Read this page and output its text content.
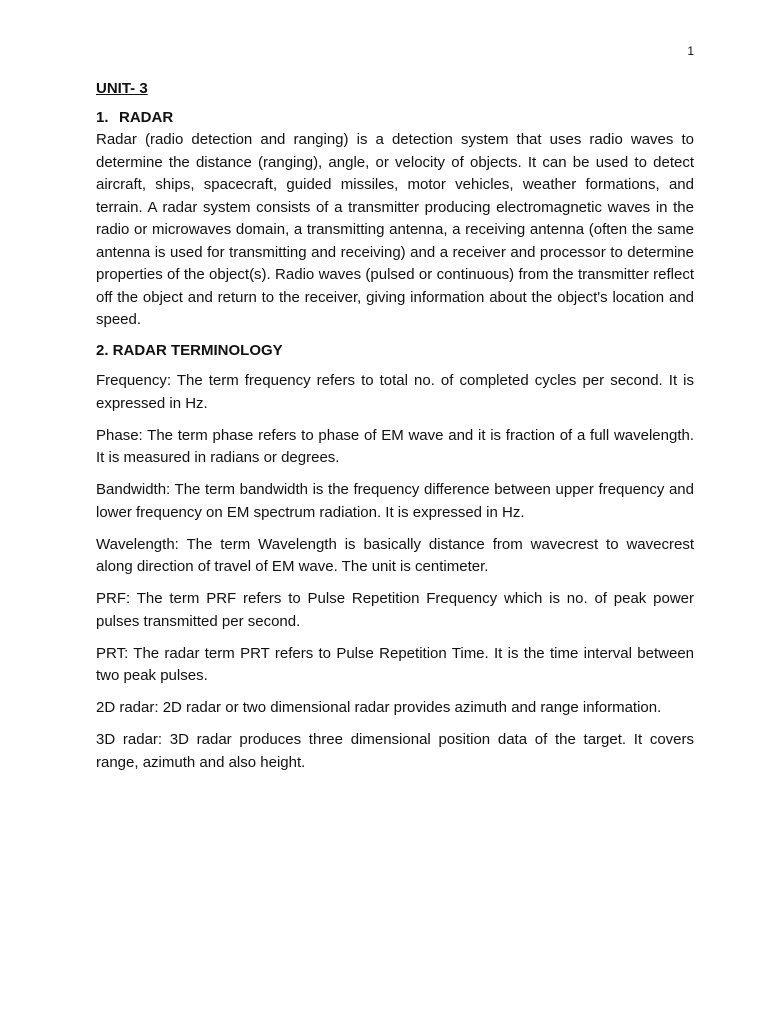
1

UNIT- 3

1. RADAR

Radar (radio detection and ranging) is a detection system that uses radio waves to determine the distance (ranging), angle, or velocity of objects. It can be used to detect aircraft, ships, spacecraft, guided missiles, motor vehicles, weather formations, and terrain. A radar system consists of a transmitter producing electromagnetic waves in the radio or microwaves domain, a transmitting antenna, a receiving antenna (often the same antenna is used for transmitting and receiving) and a receiver and processor to determine properties of the object(s). Radio waves (pulsed or continuous) from the transmitter reflect off the object and return to the receiver, giving information about the object's location and speed.

2. RADAR TERMINOLOGY

Frequency: The term frequency refers to total no. of completed cycles per second. It is expressed in Hz.

Phase: The term phase refers to phase of EM wave and it is fraction of a full wavelength. It is measured in radians or degrees.

Bandwidth: The term bandwidth is the frequency difference between upper frequency and lower frequency on EM spectrum radiation. It is expressed in Hz.

Wavelength: The term Wavelength is basically distance from wavecrest to wavecrest along direction of travel of EM wave. The unit is centimeter.

PRF: The term PRF refers to Pulse Repetition Frequency which is no. of peak power pulses transmitted per second.

PRT: The radar term PRT refers to Pulse Repetition Time. It is the time interval between two peak pulses.

2D radar: 2D radar or two dimensional radar provides azimuth and range information.

3D radar: 3D radar produces three dimensional position data of the target. It covers range, azimuth and also height.
